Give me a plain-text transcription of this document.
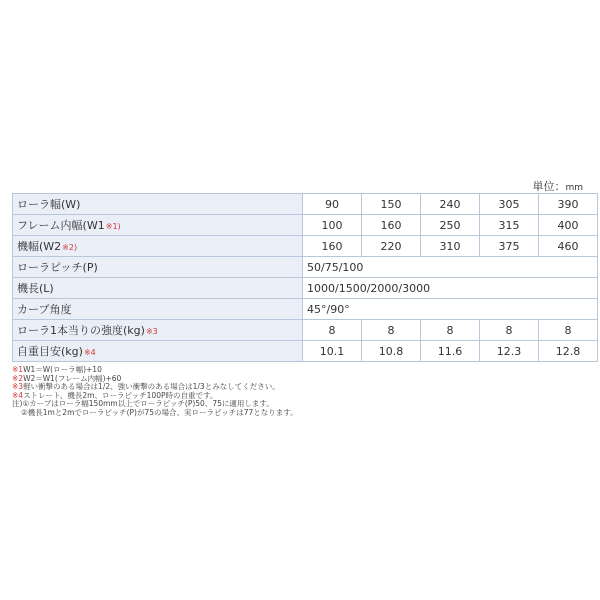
単位：mm
ローラ幅(W)	90	150	240	305	390
フレーム内幅(W1※1)	100	160	250	315	400
機幅(W2※2)	160	220	310	375	460
ローラピッチ(P)	50/75/100				
機長(L)	1000/1500/2000/3000				
カーブ角度	45°/90°				
ローラ1本当りの強度(kg)※3	8	8	8	8	8
自重目安(kg)※4	10.1	10.8	11.6	12.3	12.8
※1W1＝W(ローラ幅)+10
※2W2＝W1(フレーム内幅)+60
※3軽い衝撃のある場合は1/2、強い衝撃のある場合は1/3とみなしてください。
※4ストレート、機長2m、ローラピッチ100P時の自重です。
注)①カーブはローラ幅150mm以上でローラピッチ(P)50、75に適用します。
②機長1mと2mでローラピッチ(P)が75の場合、実ローラピッチは77となります。
